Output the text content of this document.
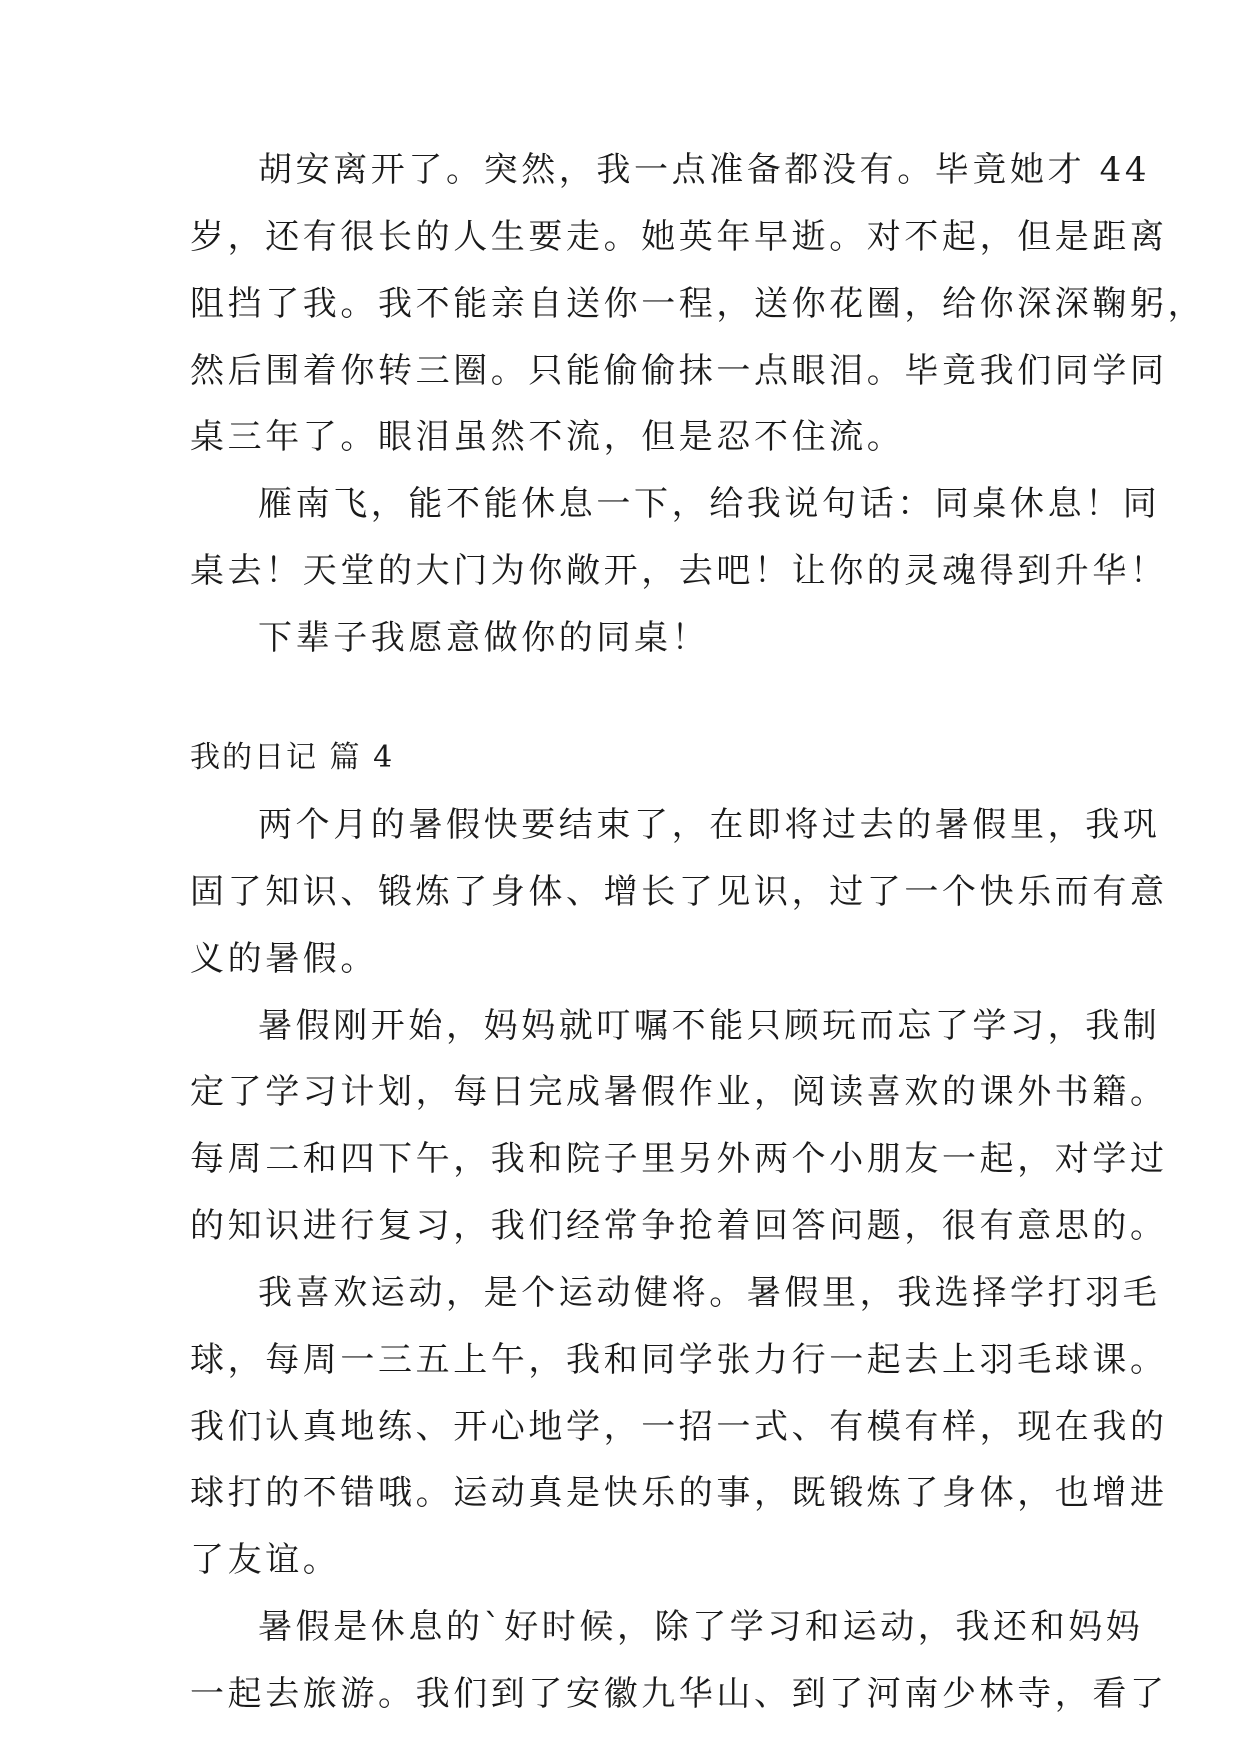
胡安离开了。突然，我一点准备都没有。毕竟她才 44
岁，还有很长的人生要走。她英年早逝。对不起，但是距离
阻挡了我。我不能亲自送你一程，送你花圈，给你深深鞠躬，
然后围着你转三圈。只能偷偷抹一点眼泪。毕竟我们同学同
桌三年了。眼泪虽然不流，但是忍不住流。
雁南飞，能不能休息一下，给我说句话：同桌休息！同
桌去！天堂的大门为你敞开，去吧！让你的灵魂得到升华！
下辈子我愿意做你的同桌！
我的日记 篇 4
两个月的暑假快要结束了，在即将过去的暑假里，我巩
固了知识、锻炼了身体、增长了见识，过了一个快乐而有意
义的暑假。
暑假刚开始，妈妈就叮嘱不能只顾玩而忘了学习，我制
定了学习计划，每日完成暑假作业，阅读喜欢的课外书籍。
每周二和四下午，我和院子里另外两个小朋友一起，对学过
的知识进行复习，我们经常争抢着回答问题，很有意思的。
我喜欢运动，是个运动健将。暑假里，我选择学打羽毛
球，每周一三五上午，我和同学张力行一起去上羽毛球课。
我们认真地练、开心地学，一招一式、有模有样，现在我的
球打的不错哦。运动真是快乐的事，既锻炼了身体，也增进
了友谊。
暑假是休息的`好时候，除了学习和运动，我还和妈妈
一起去旅游。我们到了安徽九华山、到了河南少林寺，看了
